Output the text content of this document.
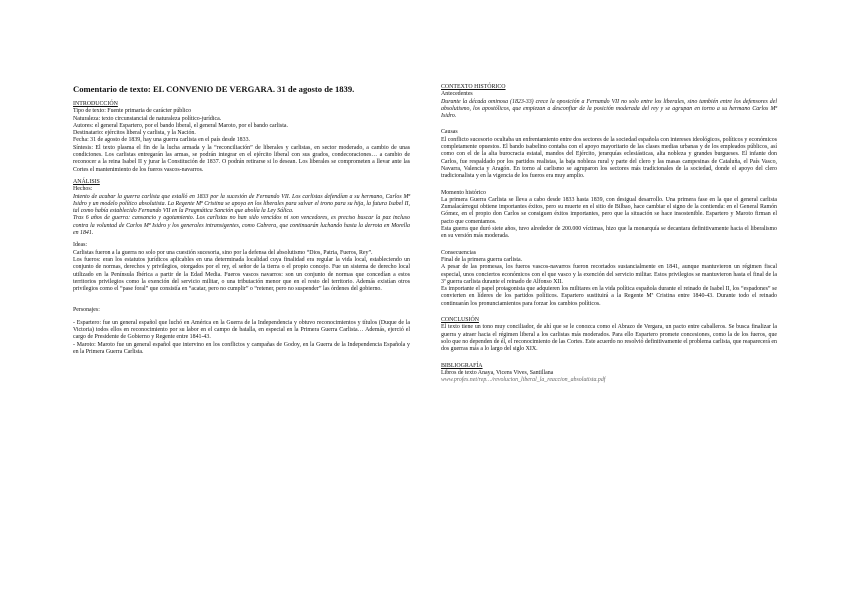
Comentario de texto: EL CONVENIO DE VERGARA. 31 de agosto de 1839.

INTRODUCCIÓN

Tipo de texto: Fuente primaria de carácter público

Naturaleza: texto circunstancial de naturaleza político-jurídica.

Autores: el general Espartero, por el bando liberal, el general Maroto, por el bando carlista.

Destinatario: ejércitos liberal y carlista, y la Nación.

Fecha: 31 de agosto de 1839, hay una guerra carlista en el país desde 1833.

Síntesis: El texto plasma el fin de la lucha armada y la “reconciliación” de liberales y carlistas, en sector moderado, a cambio de unas condiciones. Los carlistas entregarán las armas, se podrán integrar en el ejército liberal con sus grados, condecoraciones… a cambio de reconocer a la reina Isabel II y jurar la Constitución de 1837. O podrán retirarse si lo desean. Los liberales se comprometen a llevar ante las Cortes el mantenimiento de los fueros vascos-navarros.

ANÁLISIS

Hechos:

Intento de acabar la guerra carlista que estalló en 1833 por la sucesión de Fernando VII. Los carlistas defendían a su hermano, Carlos Mª Isidro y un modelo político absolutista. La Regente Mª Cristina se apoya en los liberales para salvar el trono para su hija, la futura Isabel II, tal como había establecido Fernando VII en la Pragmática Sanción que abolía la Ley Sálica.

Tras 6 años de guerra: cansancio y agotamiento. Los carlistas no han sido vencidos ni son vencedores, es preciso buscar la paz incluso contra la voluntad de Carlos Mª Isidro y los generales intransigentes, como Cabrera, que continuarán luchando hasta la derrota en Morella en 1841.

Ideas:

Carlistas fueron a la guerra no solo por una cuestión sucesoria, sino por la defensa del absolutismo “Dios, Patria, Fueros, Rey”.

Los fueros: eran los estatutos jurídicos aplicables en una determinada localidad cuya finalidad era regular la vida local, estableciendo un conjunto de normas, derechos y privilegios, otorgados por el rey, el señor de la tierra o el propio concejo. Fue un sistema de derecho local utilizado en la Península Ibérica a partir de la Edad Media. Fueros vascos navarros: son un conjunto de normas que concedían a estos territorios privilegios como la exención del servicio militar, o una tributación menor que en el resto del territorio. Además existían otros privilegios como el “pase foral” que consistía en “acatar, pero no cumplir” o “retener, pero no suspender” las órdenes del gobierno.

Personajes:

- Espartero: fue un general español que luchó en América en la Guerra de la Independencia y obtuvo reconocimientos y títulos (Duque de la Victoria) todos ellos en reconocimiento por su labor en el campo de batalla, en especial en la Primera Guerra Carlista… Además, ejerció el cargo de Presidente de Gobierno y Regente entre 1841-43.

- Maroto: Maroto fue un general español que intervino en los conflictos y campañas de Godoy, en la Guerra de la Independencia Española y en la Primera Guerra Carlista.

CONTEXTO HISTÓRICO

Antecedentes

Durante la década ominosa (1823-33) crece la oposición a Fernando VII no solo entre los liberales, sino también entre los defensores del absolutismo, los apostólicos, que empiezan a desconfiar de la posición moderada del rey y se agrupan en torno a su hermano Carlos Mª Isidro.

Causas

El conflicto sucesorio ocultaba un enfrentamiento entre dos sectores de la sociedad española con intereses ideológicos, políticos y económicos completamente opuestos. El bando isabelino contaba con el apoyo mayoritario de las clases medias urbanas y de los empleados públicos, así como con el de la alta burocracia estatal, mandos del Ejército, jerarquías eclesiásticas, alta nobleza y grandes burgueses. El infante don Carlos, fue respaldado por los partidos realistas, la baja nobleza rural y parte del clero y las masas campesinas de Cataluña, el País Vasco, Navarra, Valencia y Aragón. En torno al carlismo se agruparon los sectores más tradicionales de la sociedad, donde el apoyo del clero tradicionalista y en la vigencia de los fueros era muy amplio.

Momento histórico

La primera Guerra Carlista se lleva a cabo desde 1833 hasta 1839, con desigual desarrollo. Una primera fase en la que el general carlista Zumalacárregui obtiene importantes éxitos, pero su muerte en el sitio de Bilbao, hace cambiar el signo de la contienda: en el General Ramón Gómez, en el propio don Carlos se consiguen éxitos importantes, pero que la situación se hace insostenible. Espartero y Maroto firman el pacto que comentamos.

Esta guerra que duró siete años, tuvo alrededor de 200.000 víctimas, hizo que la monarquía se decantara definitivamente hacia el liberalismo en su versión más moderada.

Consecuencias

Final de la primera guerra carlista.

A pesar de las promesas, los fueros vascos-navarros fueron recortados sustancialmente en 1841, aunque mantuvieron un régimen fiscal especial, unos conciertos económicos con el que vasco y la exención del servicio militar. Estos privilegios se mantuvieron hasta el final de la 3ª guerra carlista durante el reinado de Alfonso XII.

Es importante el papel protagonista que adquieren los militares en la vida política española durante el reinado de Isabel II, los “espadones” se convierten en líderes de los partidos políticos. Espartero sustituirá a la Regente Mª Cristina entre 1840-43. Durante todo el reinado continuarán los pronunciamientos para forzar los cambios políticos.

CONCLUSIÓN

El texto tiene un tono muy conciliador, de ahí que se le conozca como el Abrazo de Vergara, un pacto entre caballeros. Se busca finalizar la guerra y atraer hacia el régimen liberal a los carlistas más moderados. Para ello Espartero promete concesiones, como la de los fueros, que solo que no dependen de él, el reconocimiento de las Cortes. Este acuerdo no resolvió definitivamente el problema carlista, que reaparecerá en dos guerras más a lo largo del siglo XIX.

BIBLIOGRAFÍA

Libros de texto Anaya, Vicens Vives, Santillana

www.profes.net/rep…/revolucion_liberal_la_reaccion_absolutista.pdf
